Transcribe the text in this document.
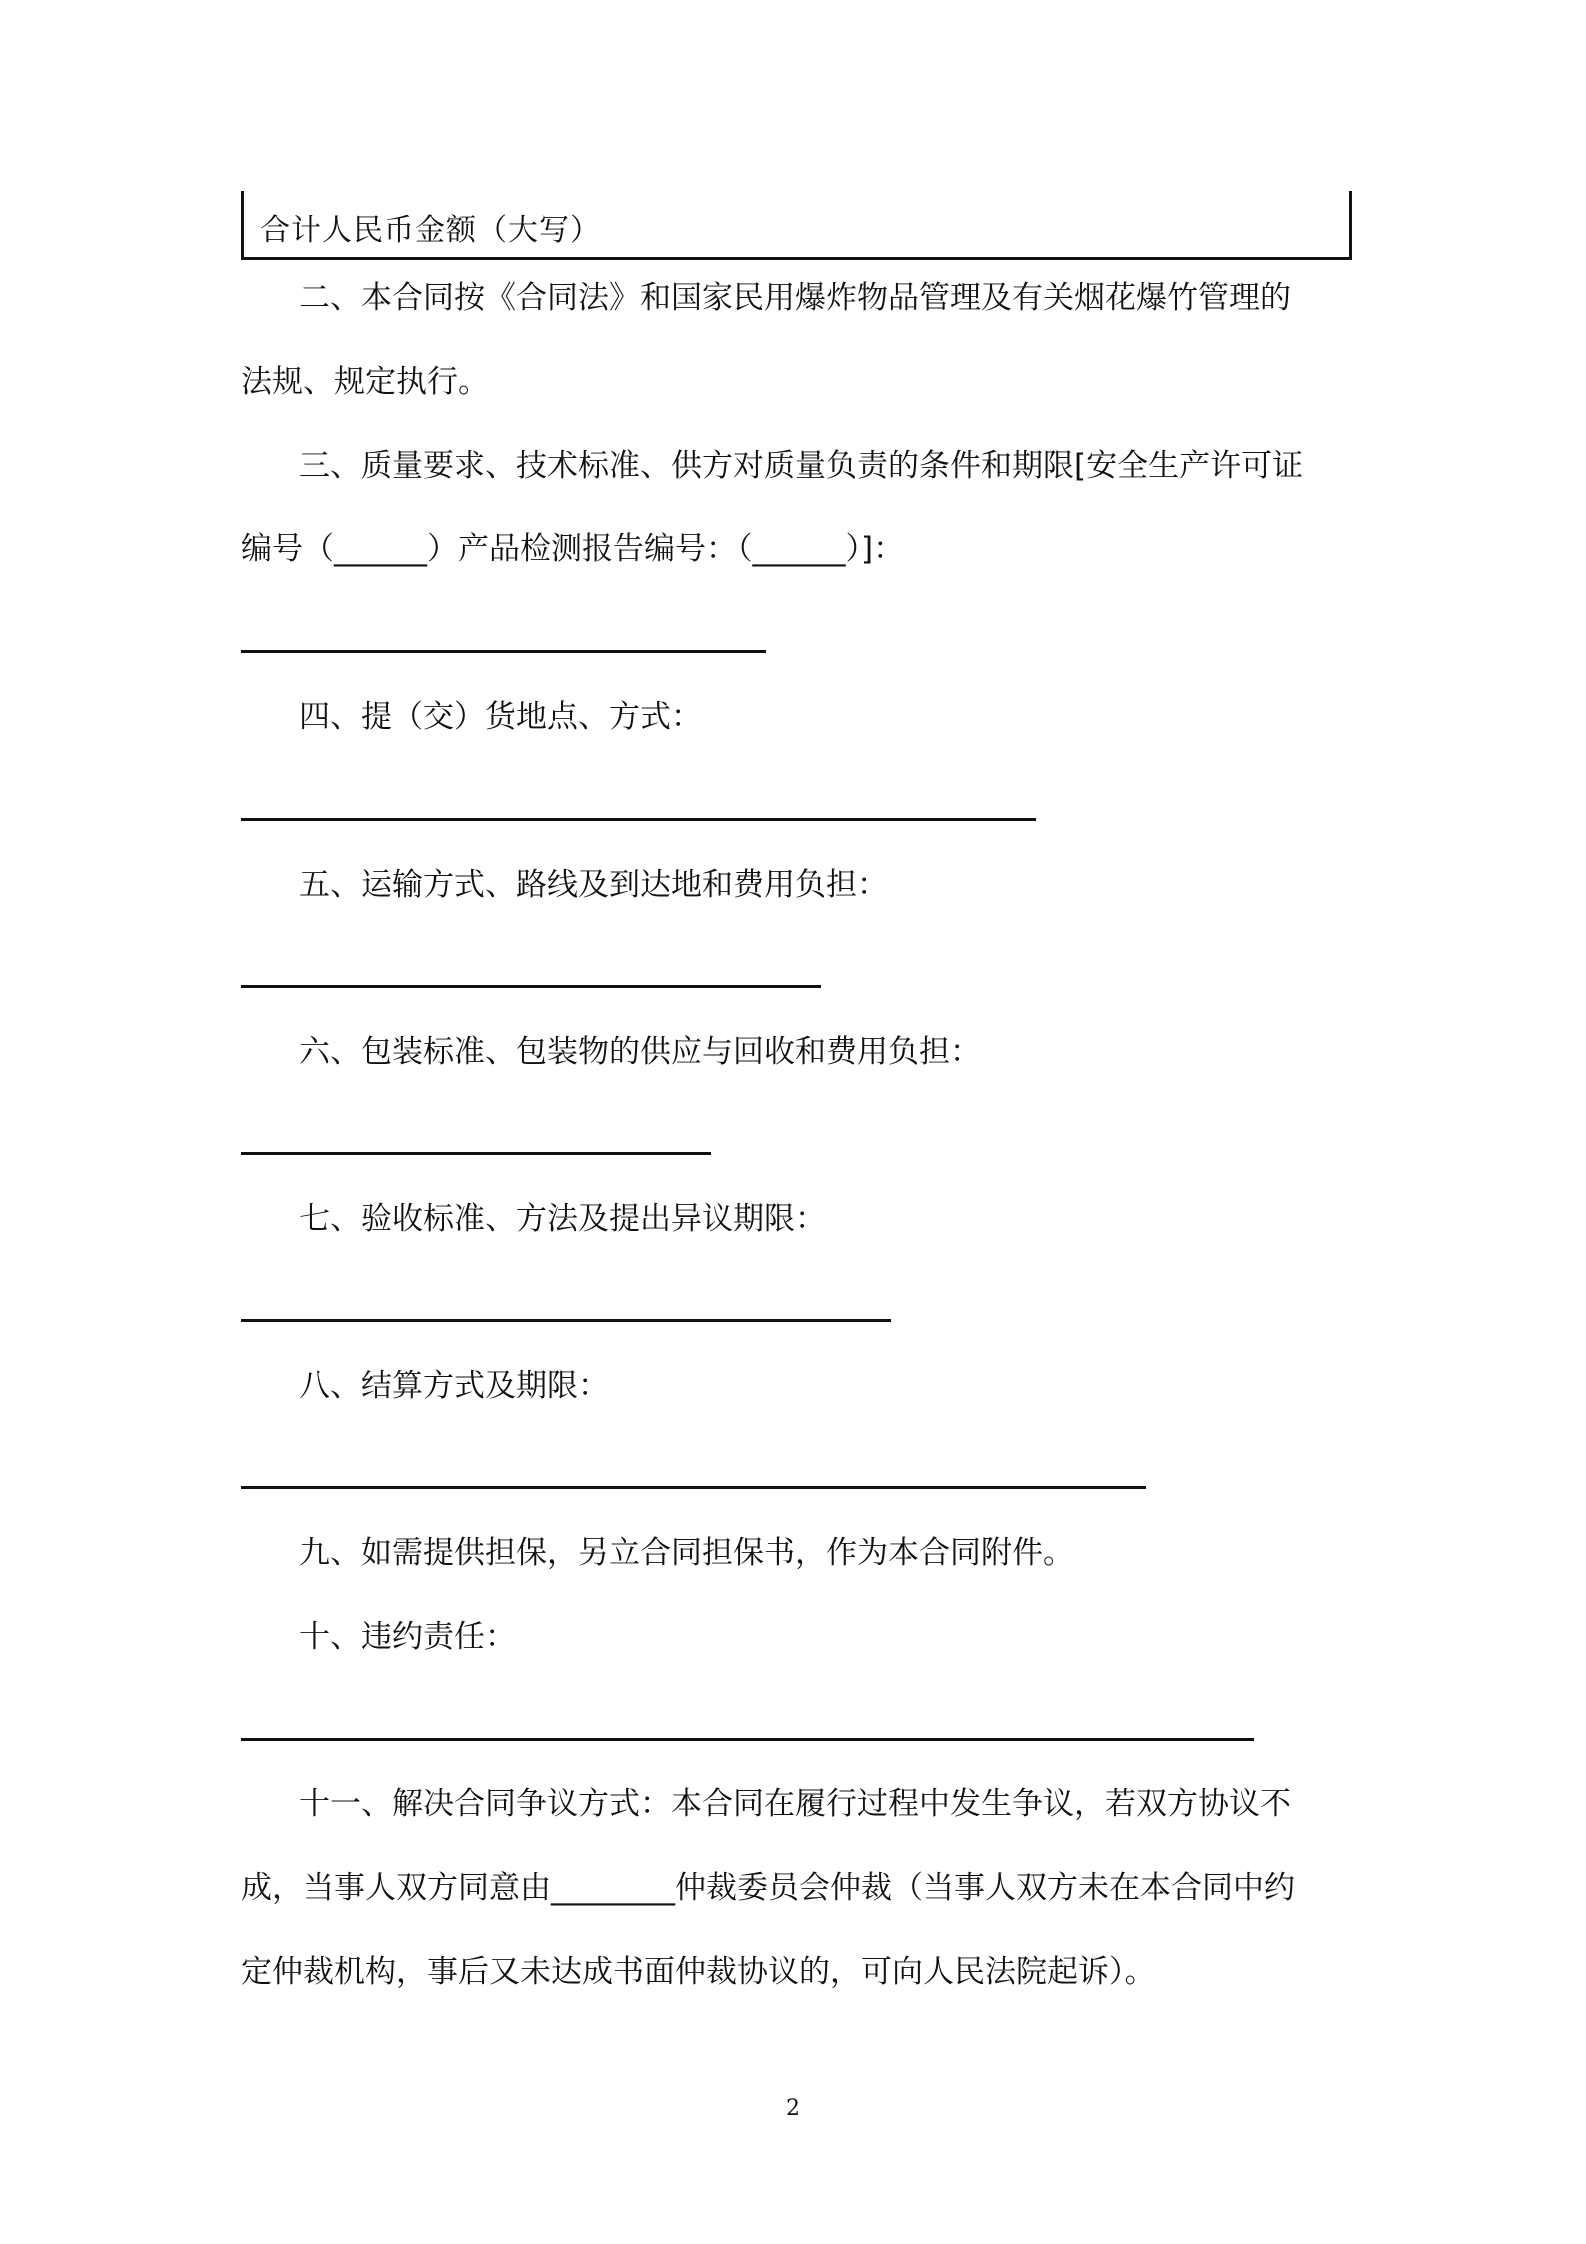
合计人民币金额（大写）
二、本合同按《合同法》和国家民用爆炸物品管理及有关烟花爆竹管理的
法规、规定执行。
三、质量要求、技术标准、供方对质量负责的条件和期限[安全生产许可证
编号（______）产品检测报告编号：（______）]：
四、提（交）货地点、方式：
五、运输方式、路线及到达地和费用负担：
六、包装标准、包装物的供应与回收和费用负担：
七、验收标准、方法及提出异议期限：
八、结算方式及期限：
九、如需提供担保，另立合同担保书，作为本合同附件。
十、违约责任：
十一、解决合同争议方式：本合同在履行过程中发生争议，若双方协议不
成，当事人双方同意由________仲裁委员会仲裁（当事人双方未在本合同中约
定仲裁机构，事后又未达成书面仲裁协议的，可向人民法院起诉）。
2
